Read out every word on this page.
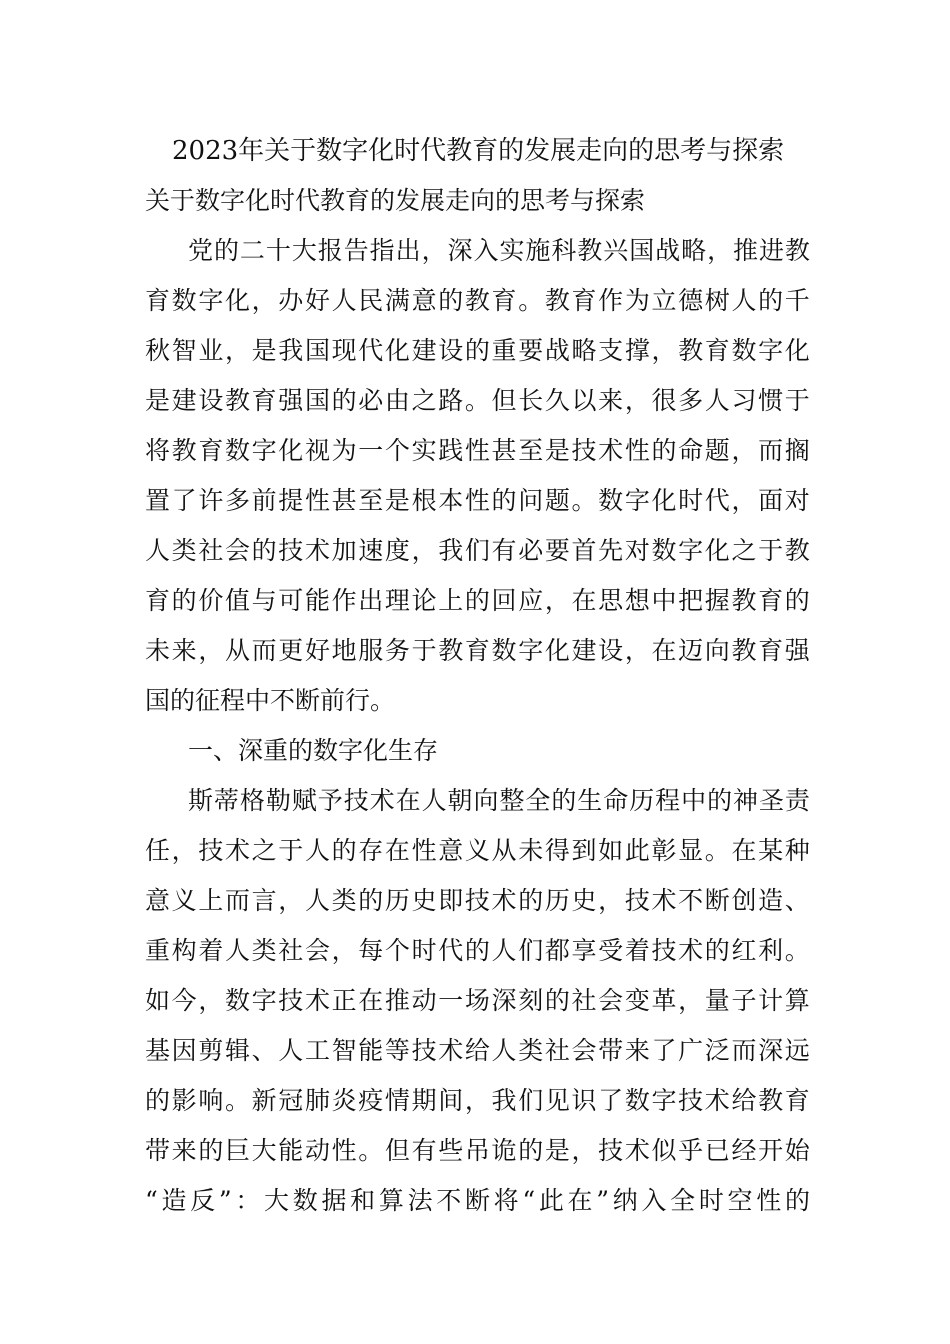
2023年关于数字化时代教育的发展走向的思考与探索
关于数字化时代教育的发展走向的思考与探索
党 的 二 十 大 报 告 指 出 ， 深 入 实 施 科 教 兴 国 战 略 ， 推 进 教
育 数 字 化 ， 办 好 人 民 满 意 的 教 育 。 教 育 作 为 立 德 树 人 的 千
秋 智 业 ， 是 我 国 现 代 化 建 设 的 重 要 战 略 支 撑 ， 教 育 数 字 化
是 建 设 教 育 强 国 的 必 由 之 路 。 但 长 久 以 来 ， 很 多 人 习 惯 于
将 教 育 数 字 化 视 为 一 个 实 践 性 甚 至 是 技 术 性 的 命 题 ， 而 搁
置 了 许 多 前 提 性 甚 至 是 根 本 性 的 问 题 。 数 字 化 时 代 ， 面 对
人 类 社 会 的 技 术 加 速 度 ， 我 们 有 必 要 首 先 对 数 字 化 之 于 教
育 的 价 值 与 可 能 作 出 理 论 上 的 回 应 ， 在 思 想 中 把 握 教 育 的
未 来 ， 从 而 更 好 地 服 务 于 教 育 数 字 化 建 设 ， 在 迈 向 教 育 强
国的征程中不断前行。
一、深重的数字化生存
斯 蒂 格 勒 赋 予 技 术 在 人 朝 向 整 全 的 生 命 历 程 中 的 神 圣 责
任 ， 技 术 之 于 人 的 存 在 性 意 义 从 未 得 到 如 此 彰 显 。 在 某 种
意 义 上 而 言 ， 人 类 的 历 史 即 技 术 的 历 史 ， 技 术 不 断 创 造 、
重 构 着 人 类 社 会 ， 每 个 时 代 的 人 们 都 享 受 着 技 术 的 红 利 。
如 今 ， 数 字 技 术 正 在 推 动 一 场 深 刻 的 社 会 变 革 ， 量 子 计 算
基 因 剪 辑 、 人 工 智 能 等 技 术 给 人 类 社 会 带 来 了 广 泛 而 深 远
的 影 响 。 新 冠 肺 炎 疫 情 期 间 ， 我 们 见 识 了 数 字 技 术 给 教 育
带 来 的 巨 大 能 动 性 。 但 有 些 吊 诡 的 是 ， 技 术 似 乎 已 经 开 始
“ 造 反 ” ： 大 数 据 和 算 法 不 断 将 “ 此 在 ” 纳 入 全 时 空 性 的
